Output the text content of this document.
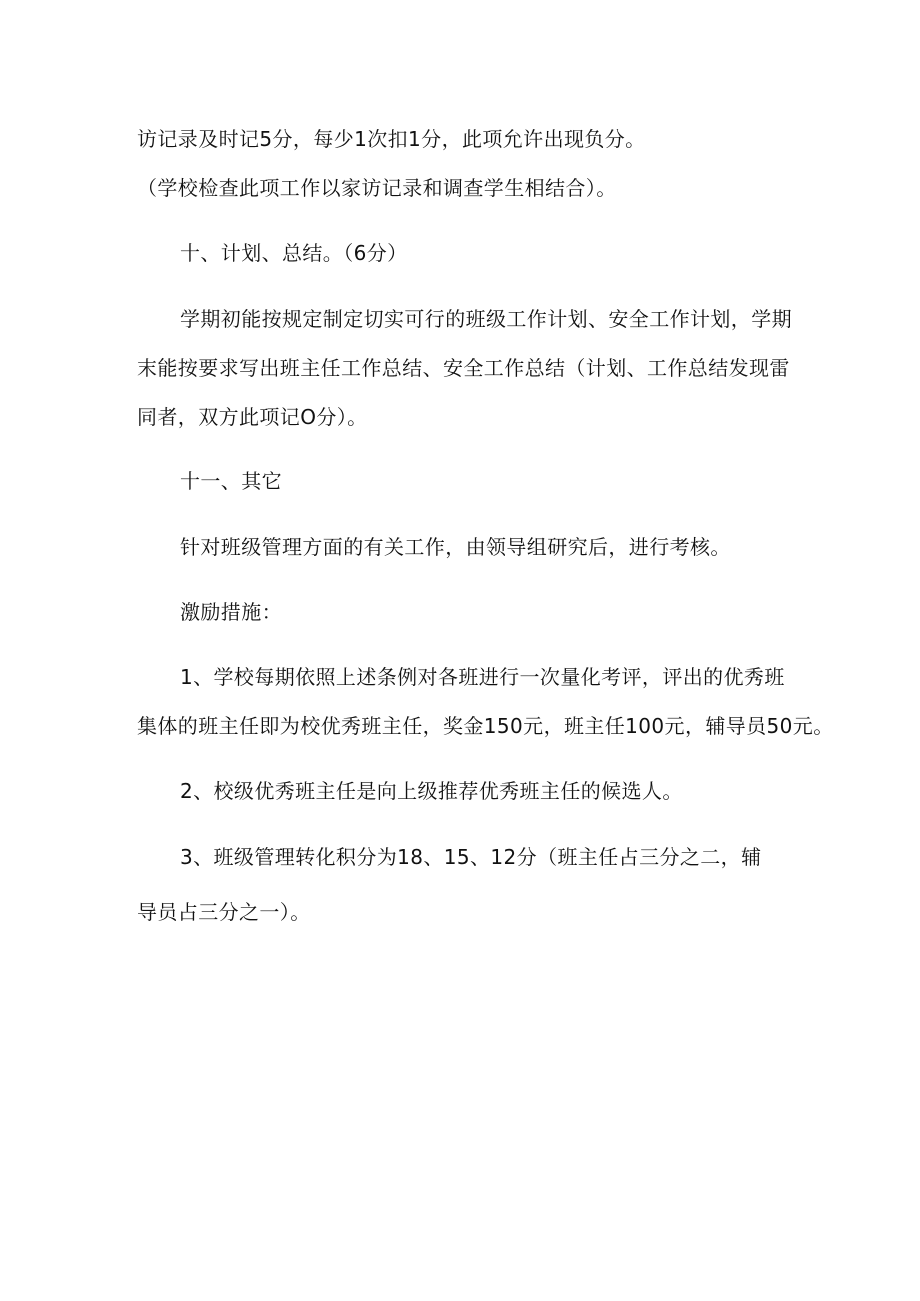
访记录及时记5分，每少1次扣1分，此项允许出现负分。
（学校检查此项工作以家访记录和调查学生相结合）。
十、计划、总结。（6分）
学期初能按规定制定切实可行的班级工作计划、安全工作计划，学期
末能按要求写出班主任工作总结、安全工作总结（计划、工作总结发现雷
同者，双方此项记O分）。
十一、其它
针对班级管理方面的有关工作，由领导组研究后，进行考核。
激励措施：
1、学校每期依照上述条例对各班进行一次量化考评，评出的优秀班
集体的班主任即为校优秀班主任，奖金150元，班主任100元，辅导员50元。
2、校级优秀班主任是向上级推荐优秀班主任的候选人。
3、班级管理转化积分为18、15、12分（班主任占三分之二，辅
导员占三分之一）。
